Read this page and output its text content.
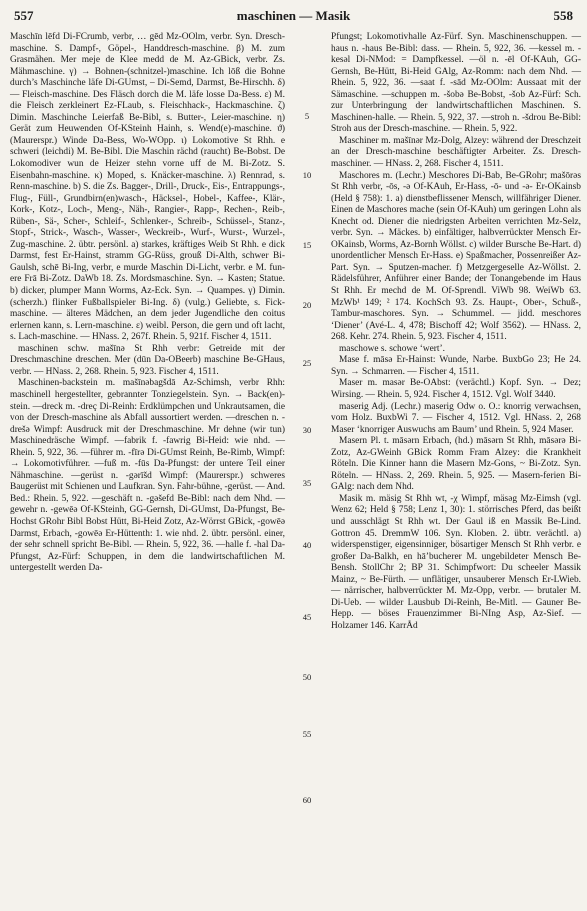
557	maschinen — Masik	558

Maschīn lēfd Di-FCrumb, verbr, … gēd Mz-OOlm, verbr. Syn. Dresch-maschine. S. Dampf-, Göpel-, Handdresch-maschine. β) M. zum Grasmähen. Mer meje de Klee medd de M. Az-GBick, verbr. Zs. Mähmaschine. γ) → Bohnen-(schnitzel-)maschine. Ich lōß die Bohne durch’s Maschinche läfe Di-GUmst, – Di-Semd, Darmst, Be-Hirschh. δ) — Fleisch-maschine. Des Fläsch dorch die M. läfe losse Da-Bess. ε) M. die Fleisch zerkleinert Ez-FLaub, s. Fleischhack-, Hackmaschine. ζ) Dimin. Maschinche Leierfaß Be-Bibl, s. Butter-, Leier-maschine. η) Gerät zum Heuwenden Of-KSteinh Hainh, s. Wend(e)-maschine. ϑ) (Maurerspr.) Winde Da-Bess, Wo-WOpp. ι) Lokomotive St Rhh. e schweri (leichdi) M. Be-Bibl. Die Maschin rächd (raucht) Be-Bobst. De Lokomodiver wun de Heizer stehn vorne uff de M. Bi-Zotz. S. Eisenbahn-maschine. κ) Moped, s. Knäcker-maschine. λ) Rennrad, s. Renn-maschine. b) S. die Zs. Bagger-, Drill-, Druck-, Eis-, Entrappungs-, Flug-, Füll-, Grundbirn(en)wasch-, Häcksel-, Hobel-, Kaffee-, Klär-, Kork-, Kotz-, Loch-, Meng-, Näh-, Rangier-, Rapp-, Rechen-, Reib-, Rüben-, Sä-, Scher-, Schleif-, Schlenker-, Schreib-, Schüssel-, Stanz-, Stopf-, Strick-, Wasch-, Wasser-, Weckreib-, Wurf-, Wurst-, Wurzel-, Zug-maschine. 2. übtr. persönl. a) starkes, kräftiges Weib St Rhh. e dick Darmst, fest Er-Hainst, stramm GG-Rüss, grouß Di-Alth, schwer Bi-Gaulsh, schē Bi-Ing, verbr, e murde Maschin Di-Licht, verbr. e M. fun-ere Frā Bi-Zotz. DaWb 18. Zs. Mordsmaschine. Syn. → Kasten; Statue. b) dicker, plumper Mann Worms, Az-Eck. Syn. → Quampes. γ) Dimin. (scherzh.) flinker Fußballspieler Bi-Ing. δ) (vulg.) Geliebte, s. Fick-maschine. — älteres Mädchen, an dem jeder Jugendliche den coitus erlernen kann, s. Lern-maschine. ε) weibl. Person, die gern und oft lacht, s. Lach-maschine. — HNass. 2, 267f. Rhein. 5, 921f. Fischer 4, 1511.

maschinen schw. mašīnə St Rhh verbr: Getreide mit der Dreschmaschine dreschen. Mer (dūn Da-OBeerb) maschine Be-GHaus, verbr. — HNass. 2, 268. Rhein. 5, 923. Fischer 4, 1511.

Maschinen-backstein m. mašīnəbagšdā Az-Schimsh, verbr Rhh: maschinell hergestellter, gebrannter Tonziegelstein. Syn. → Back(en)-stein. —dreck m. -dreç Di-Reinh: Erdklümpchen und Unkrautsamen, die von der Dresch-maschine als Abfall aussortiert werden. —dreschen n. -drešə Wimpf: Ausdruck mit der Dreschmaschine. Mr dehne (wir tun) Maschinedräsche Wimpf. —fabrik f. -fawrig Bi-Heid: wie nhd. — Rhein. 5, 922, 36. —führer m. -fīrə Di-GUmst Reinh, Be-Rimb, Wimpf: → Lokomotivführer. —fuß m. -fūs Da-Pfungst: der untere Teil einer Nähmaschine. —gerüst n. -gərīšd Wimpf: (Maurerspr.) schweres Baugerüst mit Schienen und Laufkran. Syn. Fahr-bühne, -gerüst. — And. Bed.: Rhein. 5, 922. —geschäft n. -gəšefd Be-Bibl: nach dem Nhd. —gewehr n. -gewēə Of-KSteinh, GG-Gernsh, Di-GUmst, Da-Pfungst, Be-Hochst GRohr Bibl Bobst Hütt, Bi-Heid Zotz, Az-Wörrst GBick, -gowēə Darmst, Erbach, -gowēə Er-Hüttenth: 1. wie nhd. 2. übtr. persönl. einer, der sehr schnell spricht Be-Bibl. — Rhein. 5, 922, 36. —halle f. -hal Da-Pfungst, Az-Fürf: Schuppen, in dem die landwirtschaftlichen M. untergestellt werden Da-

5
10
15
20
25
30
35
40
45
50
55
60

Pfungst; Lokomotivhalle Az-Fürf. Syn. Maschinenschuppen. —haus n. -haus Be-Bibl: dass. — Rhein. 5, 922, 36. —kessel m. -kesəl Di-NMod: = Dampfkessel. —öl n. -ēl Of-KAuh, GG-Gernsh, Be-Hütt, Bi-Heid GAlg, Az-Romm: nach dem Nhd. — Rhein. 5, 922, 36. —saat f. -sād Mz-OOlm: Aussaat mit der Sämaschine. —schuppen m. -šobə Be-Bobst, -šob Az-Fürf: Sch. zur Unterbringung der landwirtschaftlichen Maschinen. S. Maschinen-halle. — Rhein. 5, 922, 37. —stroh n. -šdrou Be-Bibl: Stroh aus der Dresch-maschine. — Rhein. 5, 922.

Maschiner m. mašīnər Mz-Dolg, Alzey: während der Dreschzeit an der Dresch-maschine beschäftigter Arbeiter. Zs. Dresch-maschiner. — HNass. 2, 268. Fischer 4, 1511.

Maschores m. (Lechr.) Meschores Di-Bab, Be-GRohr; mašōrəs St Rhh verbr, -ōs, -ə Of-KAuh, Er-Hass, -ō- und -ə- Er-OKainsb (Held § 758): 1. a) dienstbeflissener Mensch, willfähriger Diener. Einen de Maschores mache (sein Of-KAuh) um geringen Lohn als Knecht od. Diener die niedrigsten Arbeiten verrichten Mz-Selz, verbr. Syn. → Mäckes. b) einfältiger, halbverrückter Mensch Er-OKainsb, Worms, Az-Bornh Wöllst. c) wilder Bursche Be-Hart. d) unordentlicher Mensch Er-Hass. e) Spaßmacher, Possenreißer Az-Part. Syn. → Sputzen-macher. f) Metzgergeselle Az-Wöllst. 2. Rädelsführer, Anführer einer Bande; der Tonangebende im Haus St Rhh. Er mechd de M. Of-Sprendl. ViWb 98. WeiWb 63. MzWb¹ 149; ² 174. KochSch 93. Zs. Haupt-, Ober-, Schuß-, Tambur-maschores. Syn. → Schummel. — jidd. meschores ‘Diener’ (Avé-L. 4, 478; Bischoff 42; Wolf 3562). — HNass. 2, 268. Kehr. 274. Rhein. 5, 923. Fischer 4, 1511.

maschowe s. schowe ‘wert’.

Mase f. māsə Er-Hainst: Wunde, Narbe. BuxbGo 23; He 24. Syn. → Schmarren. — Fischer 4, 1511.

Maser m. masər Be-OAbst: (verächtl.) Kopf. Syn. → Dez; Wirsing. — Rhein. 5, 924. Fischer 4, 1512. Vgl. Wolf 3440.

maserig Adj. (Lechr.) maserig Odw o. O.: knorrig verwachsen, vom Holz. BuxbWi 7. — Fischer 4, 1512. Vgl. HNass. 2, 268 Maser ‘knorriger Auswuchs am Baum’ und Rhein. 5, 924 Maser.

Masern Pl. t. māsərn Erbach, (hd.) māsərn St Rhh, māsərə Bi-Zotz, Az-GWeinh GBick Romm Fram Alzey: die Krankheit Röteln. Die Kinner hann die Masern Mz-Gons, ~ Bi-Zotz. Syn. Röteln. — HNass. 2, 269. Rhein. 5, 925. — Masern-ferien Bi-GAlg: nach dem Nhd.

Masik m. mäsig St Rhh wt, -χ Wimpf, mäsəg Mz-Eimsh (vgl. Wenz 62; Held § 758; Lenz 1, 30): 1. störrisches Pferd, das beißt und ausschlägt St Rhh wt. Der Gaul iß en Massik Be-Lind. Gottron 45. DremmW 106. Syn. Kloben. 2. übtr. verächtl. a) widerspenstiger, eigensinniger, bösartiger Mensch St Rhh verbr. e großer Da-Balkh, en hā’bucherer M. ungebildeter Mensch Be-Bensh. StollChr 2; BP 31. Schimpfwort: Du scheeler Massik Mainz, ~ Be-Fürth. — unflätiger, unsauberer Mensch Er-LWieb. — närrischer, halbverrückter M. Mz-Opp, verbr. — brutaler M. Di-Ueb. — wilder Lausbub Di-Reinh, Be-Mitl. — Gauner Be-Hepp. — böses Frauenzimmer Bi-NIng Asp, Az-Sief. — Holzamer 146. KarrÅd
